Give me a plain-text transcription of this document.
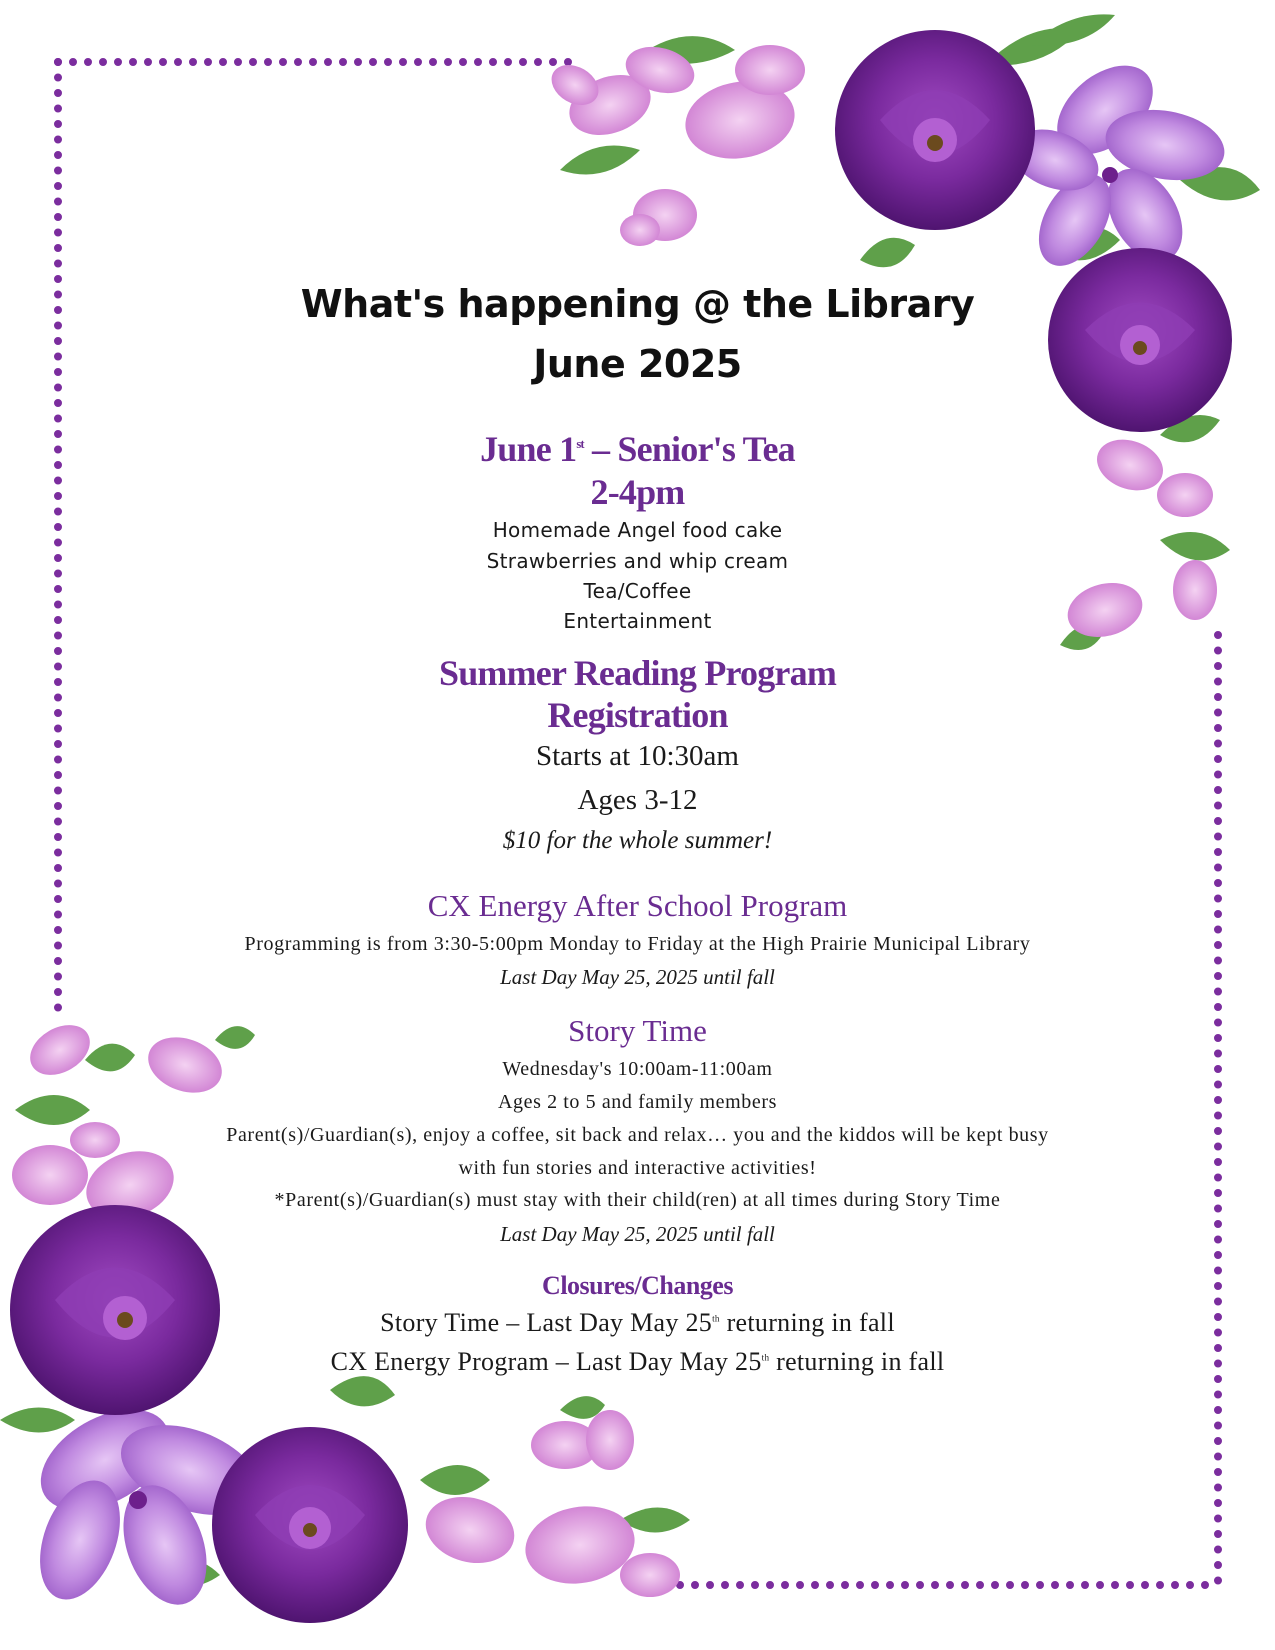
What's happening @ the Library
June 2025
June 1st – Senior's Tea
2-4pm
Homemade Angel food cake
Strawberries and whip cream
Tea/Coffee
Entertainment
Summer Reading Program
Registration
Starts at 10:30am
Ages 3-12
$10 for the whole summer!
CX Energy After School Program
Programming is from 3:30-5:00pm Monday to Friday at the High Prairie Municipal Library
Last Day May 25, 2025 until fall
Story Time
Wednesday's 10:00am-11:00am
Ages 2 to 5 and family members
Parent(s)/Guardian(s), enjoy a coffee, sit back and relax… you and the kiddos will be kept busy
with fun stories and interactive activities!
*Parent(s)/Guardian(s) must stay with their child(ren) at all times during Story Time
Last Day May 25, 2025 until fall
Closures/Changes
Story Time – Last Day May 25th returning in fall
CX Energy Program – Last Day May 25th returning in fall
